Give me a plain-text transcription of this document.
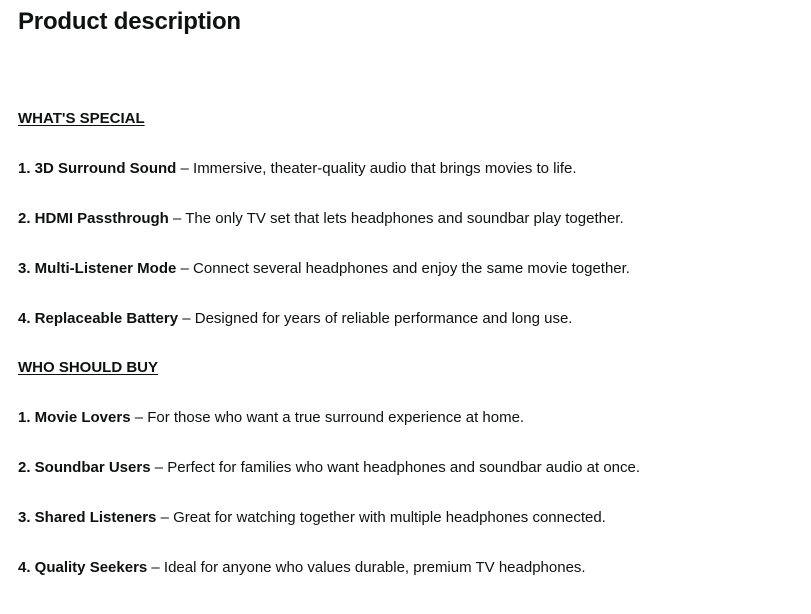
Product description
WHAT'S SPECIAL
1. 3D Surround Sound – Immersive, theater-quality audio that brings movies to life.
2. HDMI Passthrough – The only TV set that lets headphones and soundbar play together.
3. Multi-Listener Mode – Connect several headphones and enjoy the same movie together.
4. Replaceable Battery – Designed for years of reliable performance and long use.
WHO SHOULD BUY
1. Movie Lovers – For those who want a true surround experience at home.
2. Soundbar Users – Perfect for families who want headphones and soundbar audio at once.
3. Shared Listeners – Great for watching together with multiple headphones connected.
4. Quality Seekers – Ideal for anyone who values durable, premium TV headphones.
